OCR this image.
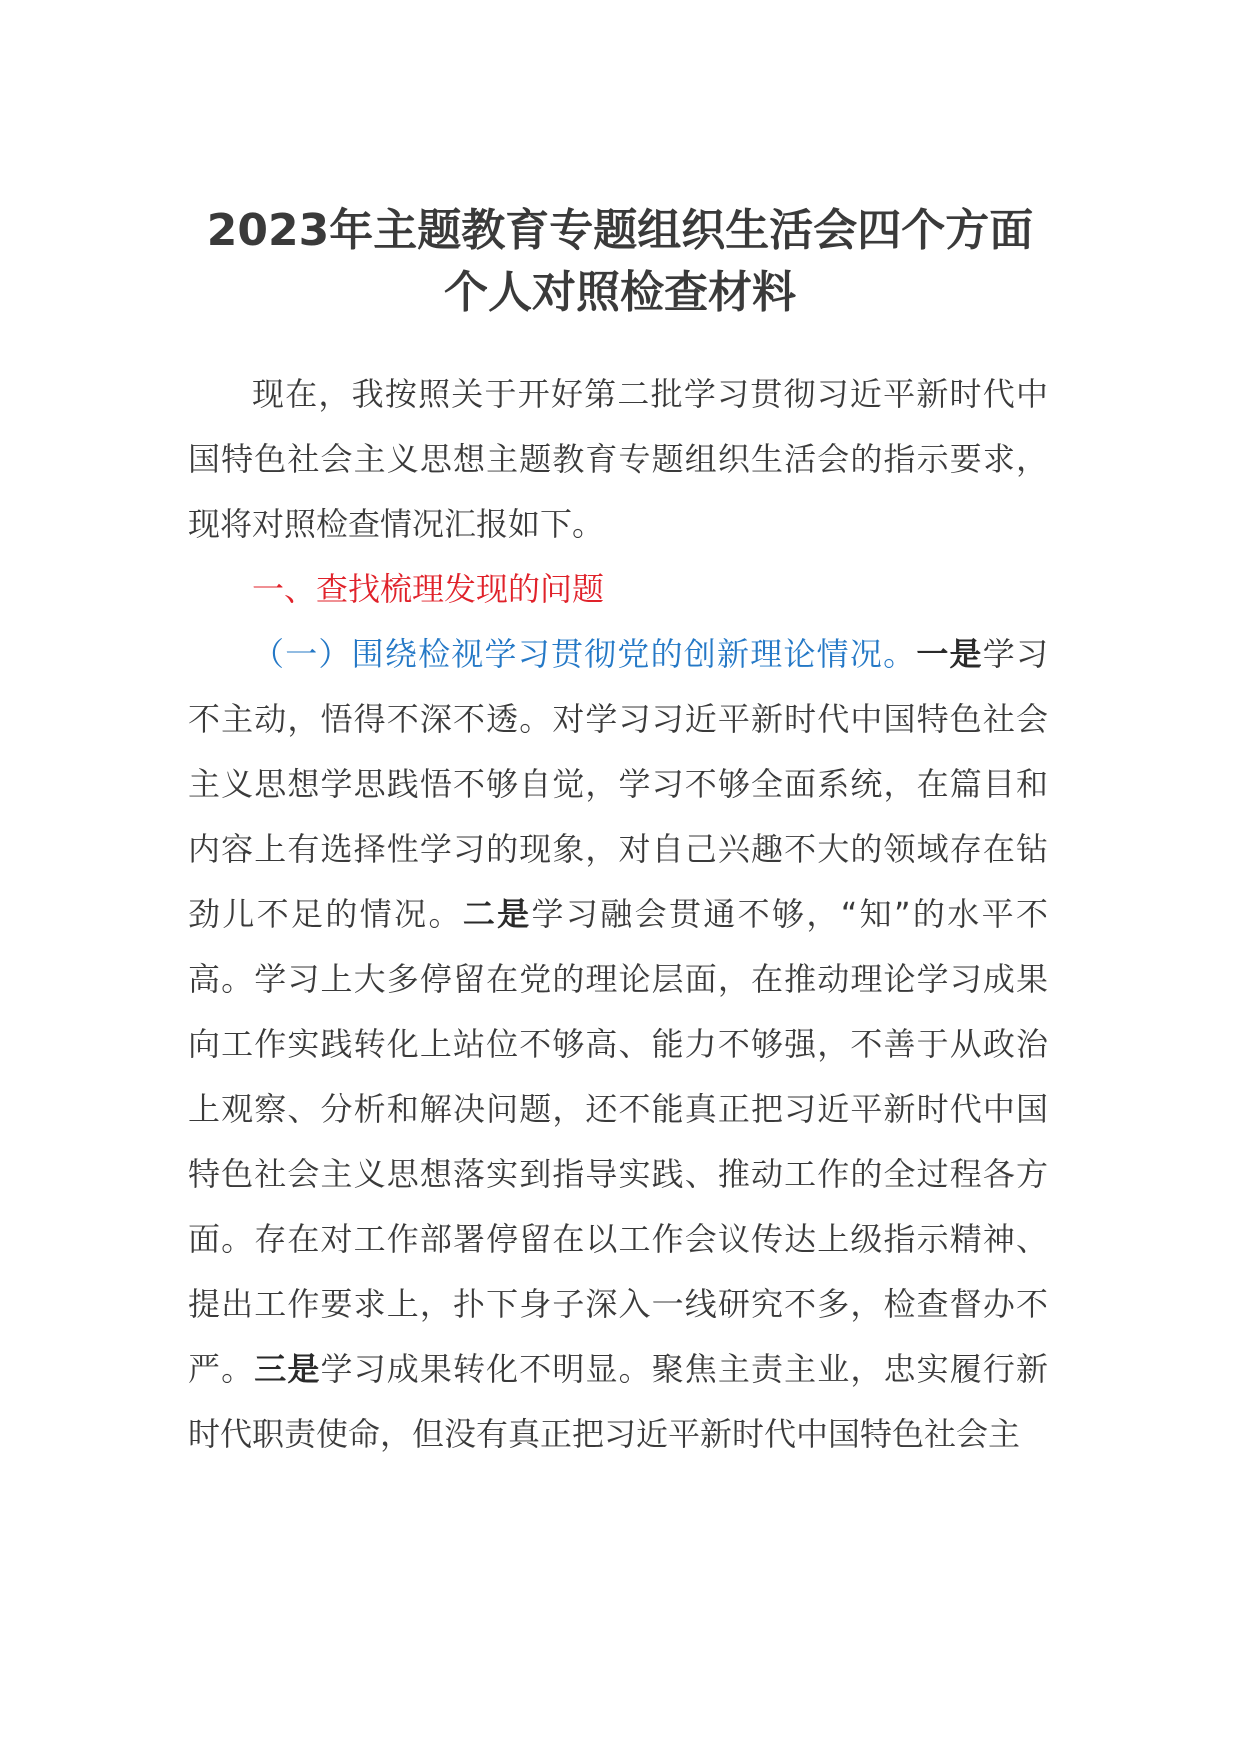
2023年主题教育专题组织生活会四个方面
个人对照检查材料

现在，我按照关于开好第二批学习贯彻习近平新时代中国特色社会主义思想主题教育专题组织生活会的指示要求，现将对照检查情况汇报如下。

一、查找梳理发现的问题

（一）围绕检视学习贯彻党的创新理论情况。一是学习不主动，悟得不深不透。对学习习近平新时代中国特色社会主义思想学思践悟不够自觉，学习不够全面系统，在篇目和内容上有选择性学习的现象，对自己兴趣不大的领域存在钻劲儿不足的情况。二是学习融会贯通不够，“知”的水平不高。学习上大多停留在党的理论层面，在推动理论学习成果向工作实践转化上站位不够高、能力不够强，不善于从政治上观察、分析和解决问题，还不能真正把习近平新时代中国特色社会主义思想落实到指导实践、推动工作的全过程各方面。存在对工作部署停留在以工作会议传达上级指示精神、提出工作要求上，扑下身子深入一线研究不多，检查督办不严。三是学习成果转化不明显。聚焦主责主业，忠实履行新时代职责使命，但没有真正把习近平新时代中国特色社会主
